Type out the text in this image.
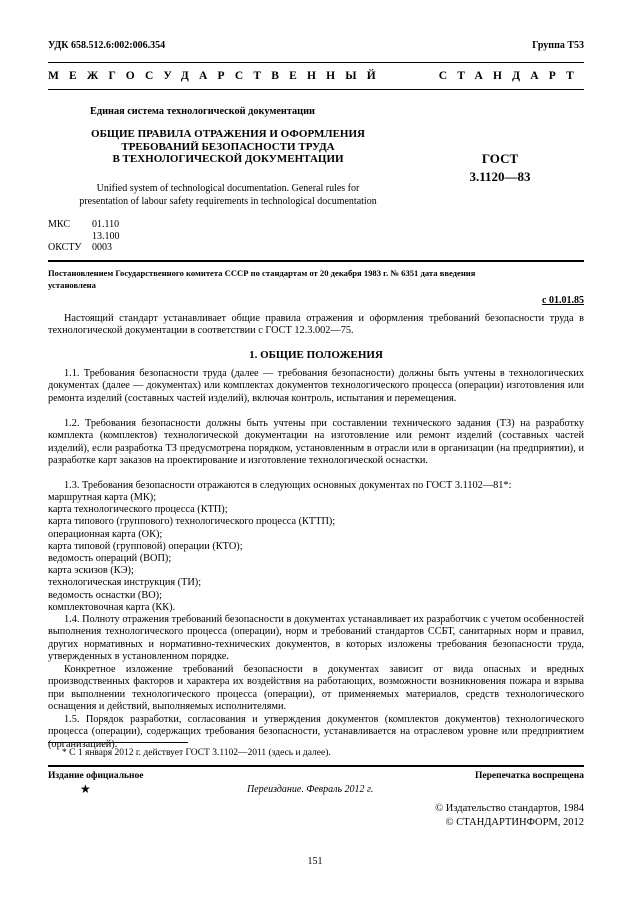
УДК 658.512.6:002:006.354	Группа Т53
МЕЖГОСУДАРСТВЕННЫЙ	СТАНДАРТ
Единая система технологической документации
ОБЩИЕ ПРАВИЛА ОТРАЖЕНИЯ И ОФОРМЛЕНИЯ
ТРЕБОВАНИЙ БЕЗОПАСНОСТИ ТРУДА
В ТЕХНОЛОГИЧЕСКОЙ ДОКУМЕНТАЦИИ
Unified system of technological documentation. General rules for
presentation of labour safety requirements in technological documentation
ГОСТ
3.1120—83
МКС 01.110
13.100
ОКСТУ 0003
Постановлением Государственного комитета СССР по стандартам от 20 декабря 1983 г. № 6351 дата введения
установлена
с 01.01.85
Настоящий стандарт устанавливает общие правила отражения и оформления требований безопасности труда в технологической документации в соответствии с ГОСТ 12.3.002—75.
1. ОБЩИЕ ПОЛОЖЕНИЯ
1.1. Требования безопасности труда (далее — требования безопасности) должны быть учтены в технологических документах (далее — документах) или комплектах документов технологического процесса (операции) изготовления или ремонта изделий (составных частей изделий), включая контроль, испытания и перемещения.
1.2. Требования безопасности должны быть учтены при составлении технического задания (ТЗ) на разработку комплекта (комплектов) технологической документации на изготовление или ремонт изделий (составных частей изделий), если разработка ТЗ предусмотрена порядком, установленным в отрасли или в организации (на предприятии), и разработке карт заказов на проектирование и изготовление технологической оснастки.
1.3. Требования безопасности отражаются в следующих основных документах по ГОСТ 3.1102—81*:
маршрутная карта (МК);
карта технологического процесса (КТП);
карта типового (группового) технологического процесса (КТТП);
операционная карта (ОК);
карта типовой (групповой) операции (КТО);
ведомость операций (ВОП);
карта эскизов (КЭ);
технологическая инструкция (ТИ);
ведомость оснастки (ВО);
комплектовочная карта (КК).
1.4. Полноту отражения требований безопасности в документах устанавливает их разработчик с учетом особенностей выполнения технологического процесса (операции), норм и требований стандартов ССБТ, санитарных норм и правил, других нормативных и нормативно-технических документов, в которых изложены требования безопасности труда, утвержденных в установленном порядке.
Конкретное изложение требований безопасности в документах зависит от вида опасных и вредных производственных факторов и характера их воздействия на работающих, возможности возникновения пожара и взрыва при выполнении технологического процесса (операции), от применяемых материалов, средств технологического оснащения и действий, выполняемых исполнителями.
1.5. Порядок разработки, согласования и утверждения документов (комплектов документов) технологического процесса (операции), содержащих требования безопасности, устанавливается на отраслевом уровне или предприятием (организацией).
* С 1 января 2012 г. действует ГОСТ 3.1102—2011 (здесь и далее).
Издание официальное
★
Перепечатка воспрещена
Переиздание. Февраль 2012 г.
© Издательство стандартов, 1984
© СТАНДАРТИНФОРМ, 2012
151
